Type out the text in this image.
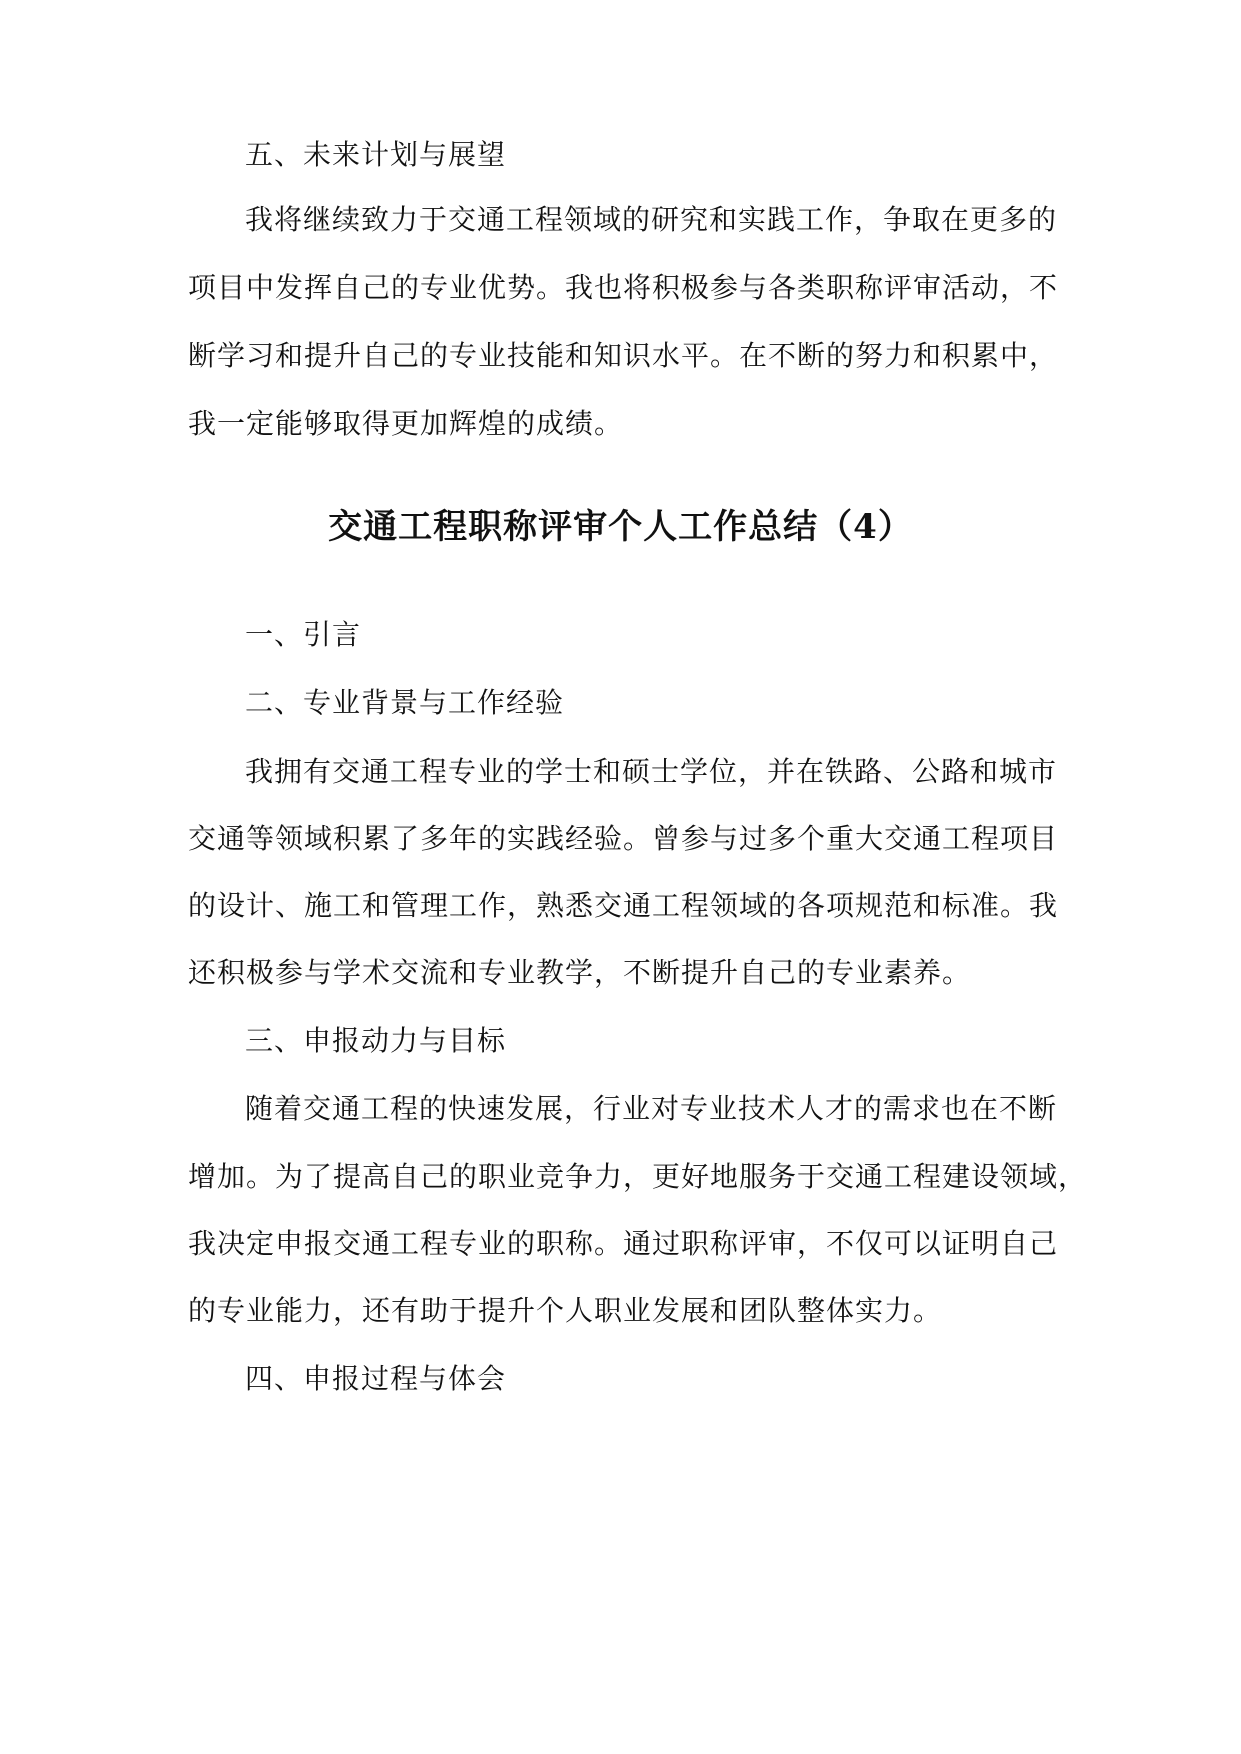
五、未来计划与展望
我将继续致力于交通工程领域的研究和实践工作，争取在更多的
项目中发挥自己的专业优势。我也将积极参与各类职称评审活动，不
断学习和提升自己的专业技能和知识水平。在不断的努力和积累中，
我一定能够取得更加辉煌的成绩。
交通工程职称评审个人工作总结（4）
一、引言
二、专业背景与工作经验
我拥有交通工程专业的学士和硕士学位，并在铁路、公路和城市
交通等领域积累了多年的实践经验。曾参与过多个重大交通工程项目
的设计、施工和管理工作，熟悉交通工程领域的各项规范和标准。我
还积极参与学术交流和专业教学，不断提升自己的专业素养。
三、申报动力与目标
随着交通工程的快速发展，行业对专业技术人才的需求也在不断
增加。为了提高自己的职业竞争力，更好地服务于交通工程建设领域，
我决定申报交通工程专业的职称。通过职称评审，不仅可以证明自己
的专业能力，还有助于提升个人职业发展和团队整体实力。
四、申报过程与体会
